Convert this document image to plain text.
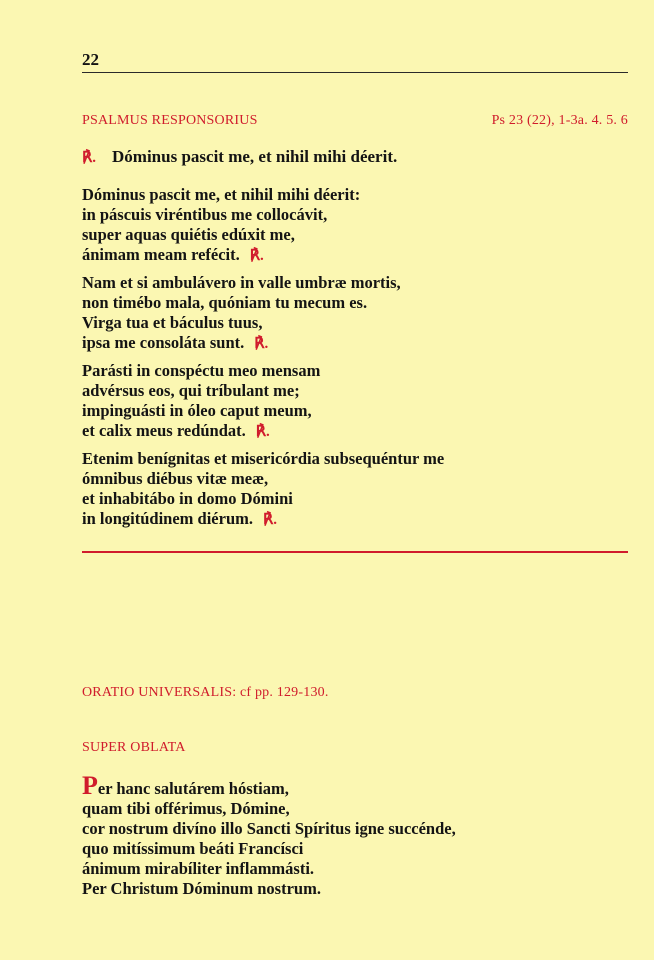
22
PSALMUS RESPONSORIUS	Ps 23 (22), 1-3a. 4. 5. 6
℟. Dóminus pascit me, et nihil mihi déerit.
Dóminus pascit me, et nihil mihi déerit:
in páscuis viréntibus me collocávit,
super aquas quiétis edúxit me,
ánimam meam refécit. ℟.
Nam et si ambulávero in valle umbræ mortis,
non timébo mala, quóniam tu mecum es.
Virga tua et báculus tuus,
ipsa me consoláta sunt. ℟.
Parásti in conspéctu meo mensam
advérsus eos, qui tríbulant me;
impinguásti in óleo caput meum,
et calix meus redúndat. ℟.
Etenim benígnitas et misericórdia subsequéntur me
ómnibus diébus vitæ meæ,
et inhabitábo in domo Dómini
in longitúdinem diérum. ℟.
ORATIO UNIVERSALIS: cf pp. 129-130.
SUPER OBLATA
Per hanc salutárem hóstiam,
quam tibi offérimus, Dómine,
cor nostrum divíno illo Sancti Spíritus igne succénde,
quo mitíssimum beáti Francísci
ánimum mirabíliter inflammásti.
Per Christum Dóminum nostrum.
